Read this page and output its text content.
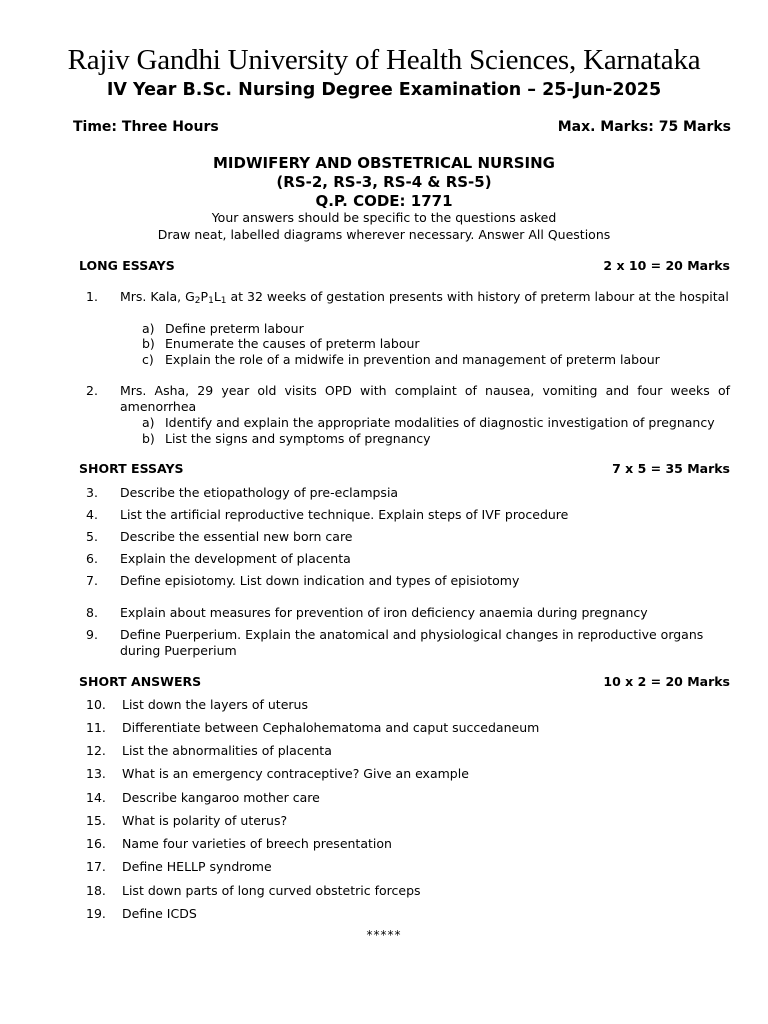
Rajiv Gandhi University of Health Sciences, Karnataka
IV Year B.Sc. Nursing Degree Examination – 25-Jun-2025
Time: Three Hours	Max. Marks: 75 Marks
MIDWIFERY AND OBSTETRICAL NURSING
(RS-2, RS-3, RS-4 & RS-5)
Q.P. CODE: 1771
Your answers should be specific to the questions asked
Draw neat, labelled diagrams wherever necessary. Answer All Questions
LONG ESSAYS	2 x 10 = 20 Marks
1. Mrs. Kala, $G_2P_1L_1$ at 32 weeks of gestation presents with history of preterm labour at the hospital
a) Define preterm labour
b) Enumerate the causes of preterm labour
c) Explain the role of a midwife in prevention and management of preterm labour
2. Mrs. Asha, 29 year old visits OPD with complaint of nausea, vomiting and four weeks of amenorrhea
a) Identify and explain the appropriate modalities of diagnostic investigation of pregnancy
b) List the signs and symptoms of pregnancy
SHORT ESSAYS	7 x 5 = 35 Marks
3. Describe the etiopathology of pre-eclampsia
4. List the artificial reproductive technique. Explain steps of IVF procedure
5. Describe the essential new born care
6. Explain the development of placenta
7. Define episiotomy. List down indication and types of episiotomy
8. Explain about measures for prevention of iron deficiency anaemia during pregnancy
9. Define Puerperium. Explain the anatomical and physiological changes in reproductive organs during Puerperium
SHORT ANSWERS	10 x 2 = 20 Marks
10. List down the layers of uterus
11. Differentiate between Cephalohematoma and caput succedaneum
12. List the abnormalities of placenta
13. What is an emergency contraceptive? Give an example
14. Describe kangaroo mother care
15. What is polarity of uterus?
16. Name four varieties of breech presentation
17. Define HELLP syndrome
18. List down parts of long curved obstetric forceps
19. Define ICDS
*****
